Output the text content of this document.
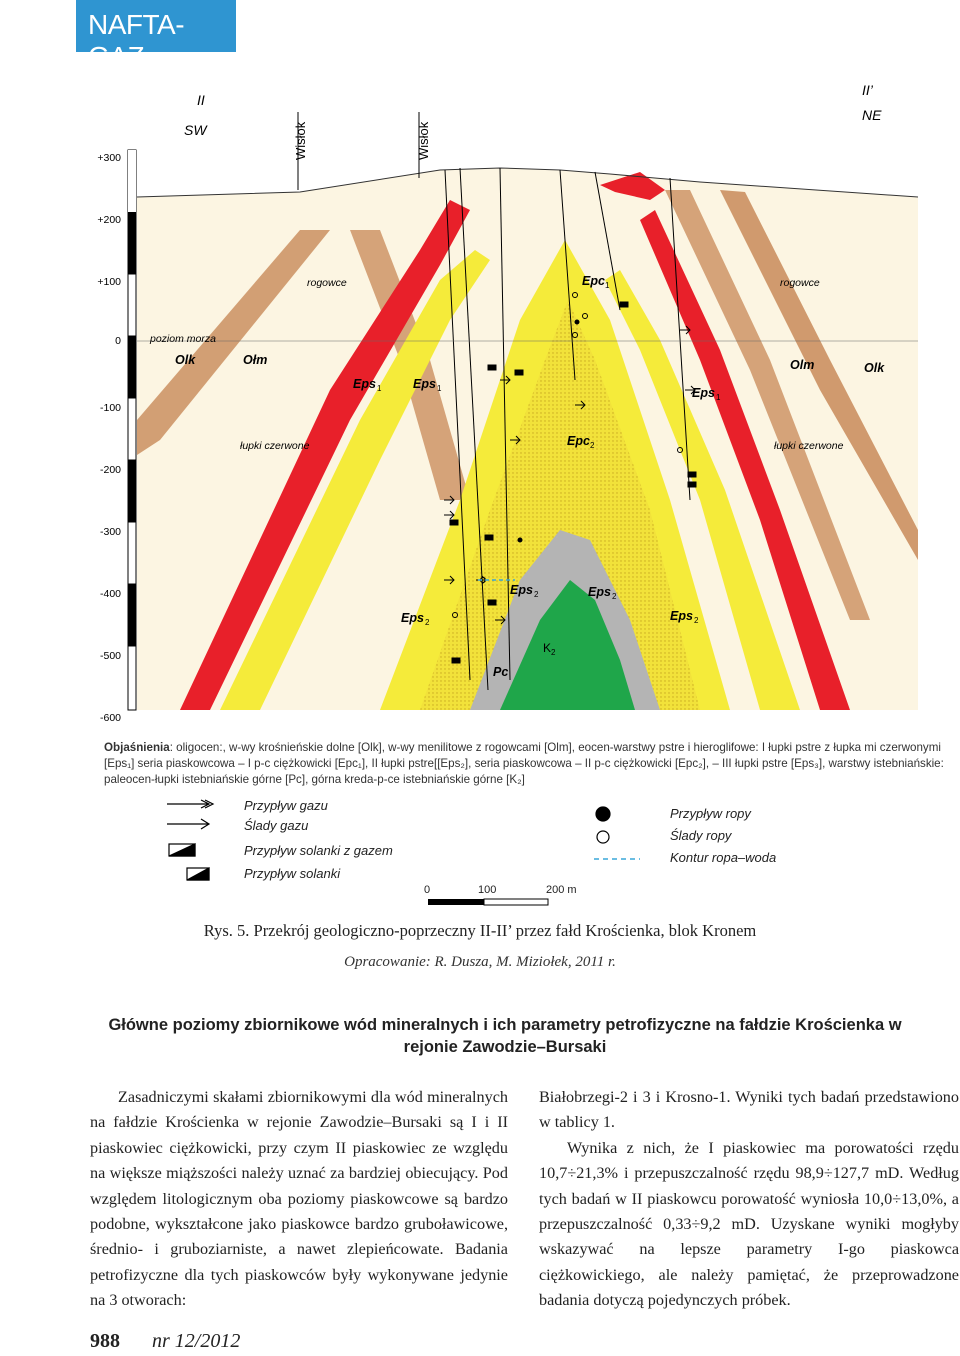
NAFTA-GAZ
II
II’
SW
NE
Wisłok	Wisłok
+300
+200
+100
0
-100
-200
-300
-400
-500
-600
poziom morza
Olk	Ołm	Olm	Olk
Eps	Eps
Eps
Epc
Epc
Eps
Eps	Eps
Eps
Pc
1	1
1
1
2
2
2	2
2
2
K
rogowce	rogowce
łupki czerwone	łupki czerwone
Objaśnienia: oligocen:, w-wy krośnieńskie dolne [Olk], w-wy menilitowe z rogowcami [Olm], eocen-warstwy pstre i hieroglifowe: I łupki pstre z łupka mi czerwonymi [Eps₁] seria piaskowcowa – I p-c ciężkowicki [Epc₁], II łupki pstre[[Eps₂], seria piaskowcowa – II p-c ciężkowicki [Epc₂], – III łupki pstre [Eps₃], warstwy istebniańskie: paleocen-łupki istebniańskie górne [Pc], górna kreda-p-ce istebniańskie górne [K₂]
Przypływ gazu
Ślady gazu
Przypływ solanki z gazem
Przypływ solanki
Przypływ ropy
Ślady ropy
Kontur ropa–woda
0	100	200 m
Rys. 5. Przekrój geologiczno-poprzeczny II-II’ przez fałd Krościenka, blok Kronem
Opracowanie: R. Dusza, M. Miziołek, 2011 r.
Główne poziomy zbiornikowe wód mineralnych i ich parametry petrofizyczne na fałdzie Krościenka w rejonie Zawodzie–Bursaki

Zasadniczymi skałami zbiornikowymi dla wód mineralnych na fałdzie Krościenka w rejonie Zawodzie–Bursaki są I i II piaskowiec ciężkowicki, przy czym II piaskowiec ze względu na większe miąższości należy uznać za bardziej obiecujący. Pod względem litologicznym oba poziomy piaskowcowe są bardzo podobne, wykształcone jako piaskowce bardzo gruboławicowe, średnio- i gruboziarniste, a nawet zlepieńcowate. Badania petrofizyczne dla tych piaskowców były wykonywane jedynie na 3 otworach:

Białobrzegi-2 i 3 i Krosno-1. Wyniki tych badań przedstawiono w tablicy 1.

Wynika z nich, że I piaskowiec ma porowatości rzędu 10,7÷21,3% i przepuszczalność rzędu 98,9÷127,7 mD. Według tych badań w II piaskowcu porowatość wyniosła 10,0÷13,0%, a przepuszczalność 0,33÷9,2 mD. Uzyskane wyniki mogłyby wskazywać na lepsze parametry I-go piaskowca ciężkowickiego, ale należy pamiętać, że przeprowadzone badania dotyczą pojedynczych próbek.

988 nr 12/2012
